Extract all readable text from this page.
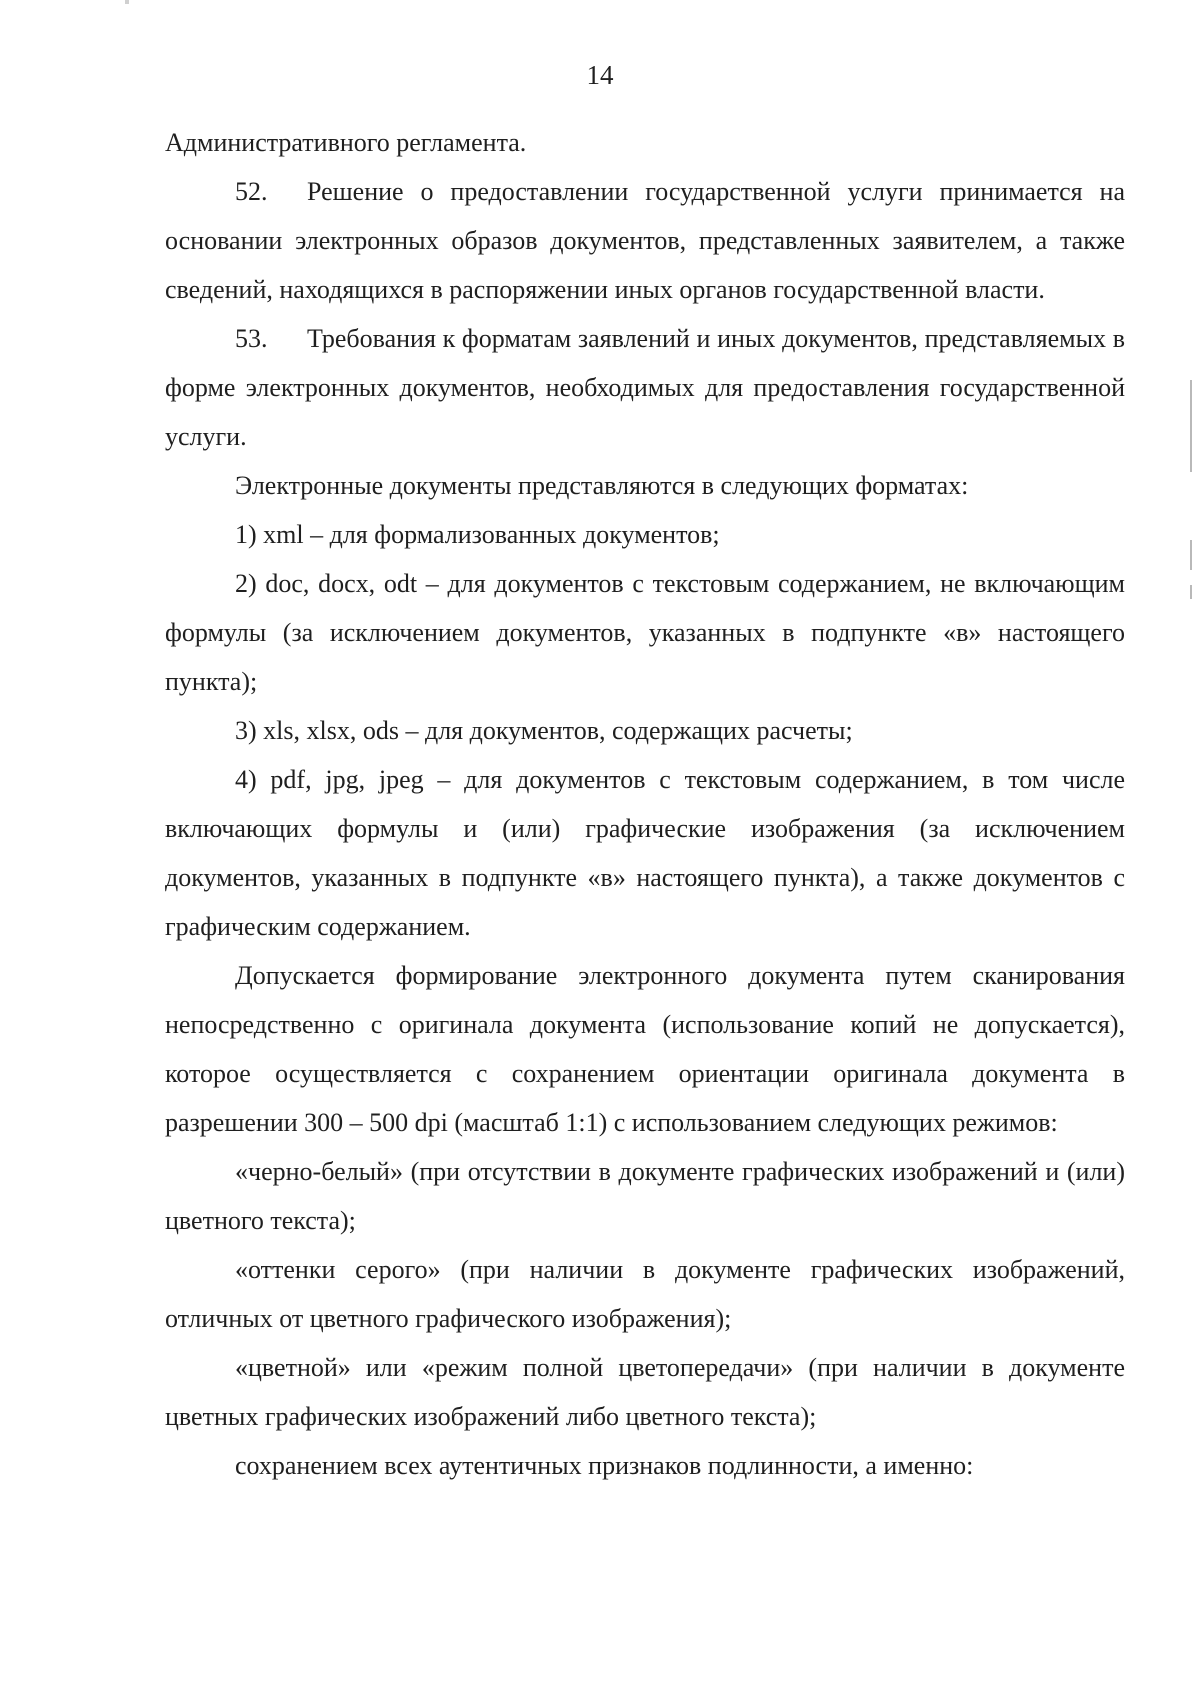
14

Административного регламента.

52. Решение о предоставлении государственной услуги принимается на основании электронных образов документов, представленных заявителем, а также сведений, находящихся в распоряжении иных органов государственной власти.

53. Требования к форматам заявлений и иных документов, представляемых в форме электронных документов, необходимых для предоставления государственной услуги.

Электронные документы представляются в следующих форматах:

1) xml – для формализованных документов;

2) doc, docx, odt – для документов с текстовым содержанием, не включающим формулы (за исключением документов, указанных в подпункте «в» настоящего пункта);

3) xls, xlsx, ods – для документов, содержащих расчеты;

4) pdf, jpg, jpeg – для документов с текстовым содержанием, в том числе включающих формулы и (или) графические изображения (за исключением документов, указанных в подпункте «в» настоящего пункта), а также документов с графическим содержанием.

Допускается формирование электронного документа путем сканирования непосредственно с оригинала документа (использование копий не допускается), которое осуществляется с сохранением ориентации оригинала документа в разрешении 300 – 500 dpi (масштаб 1:1) с использованием следующих режимов:

«черно-белый» (при отсутствии в документе графических изображений и (или) цветного текста);

«оттенки серого» (при наличии в документе графических изображений, отличных от цветного графического изображения);

«цветной» или «режим полной цветопередачи» (при наличии в документе цветных графических изображений либо цветного текста);

сохранением всех аутентичных признаков подлинности, а именно:
